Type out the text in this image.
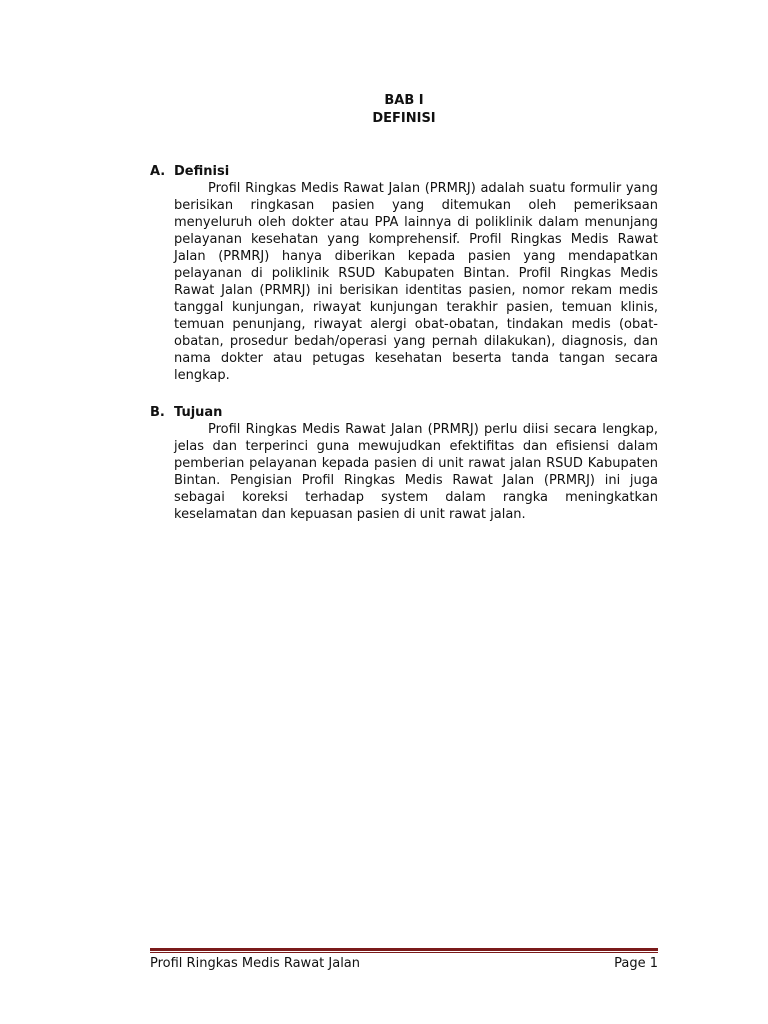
BAB I
DEFINISI
A. Definisi

Profil Ringkas Medis Rawat Jalan (PRMRJ) adalah suatu formulir yang berisikan ringkasan pasien yang ditemukan oleh pemeriksaan menyeluruh oleh dokter atau PPA lainnya di poliklinik dalam menunjang pelayanan kesehatan yang komprehensif. Profil Ringkas Medis Rawat Jalan (PRMRJ) hanya diberikan kepada pasien yang mendapatkan pelayanan di poliklinik RSUD Kabupaten Bintan. Profil Ringkas Medis Rawat Jalan (PRMRJ) ini berisikan identitas pasien, nomor rekam medis tanggal kunjungan, riwayat kunjungan terakhir pasien, temuan klinis, temuan penunjang, riwayat alergi obat-obatan, tindakan medis (obat-obatan, prosedur bedah/operasi yang pernah dilakukan), diagnosis, dan nama dokter atau petugas kesehatan beserta tanda tangan secara lengkap.

B. Tujuan

Profil Ringkas Medis Rawat Jalan (PRMRJ) perlu diisi secara lengkap, jelas dan terperinci guna mewujudkan efektifitas dan efisiensi dalam pemberian pelayanan kepada pasien di unit rawat jalan RSUD Kabupaten Bintan. Pengisian Profil Ringkas Medis Rawat Jalan (PRMRJ) ini juga sebagai koreksi terhadap system dalam rangka meningkatkan keselamatan dan kepuasan pasien di unit rawat jalan.

Profil Ringkas Medis Rawat Jalan	Page 1
